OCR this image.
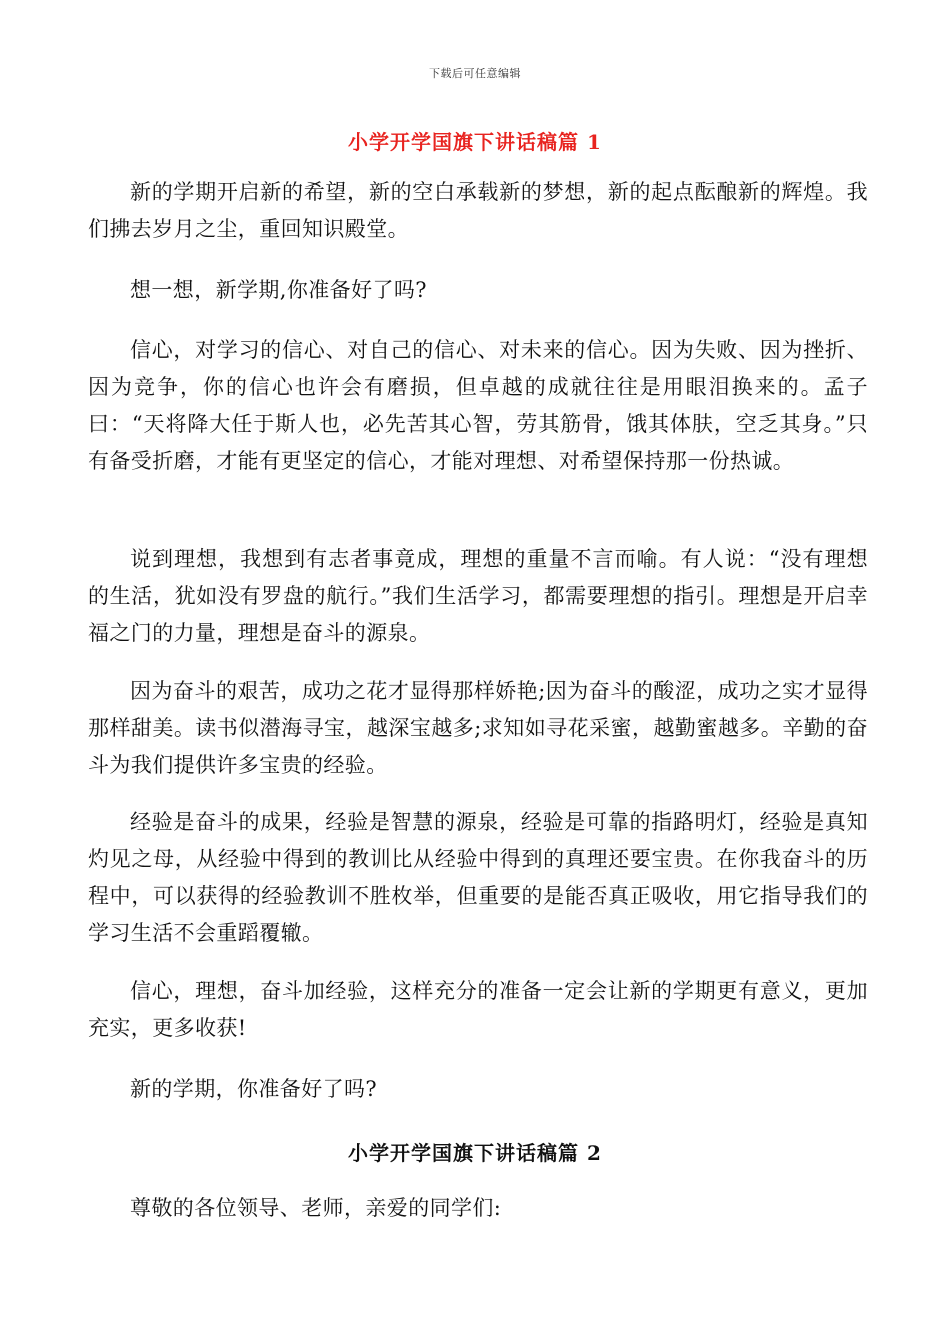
下载后可任意编辑
小学开学国旗下讲话稿篇 1

新的学期开启新的希望，新的空白承载新的梦想，新的起点酝酿新的辉煌。我们拂去岁月之尘，重回知识殿堂。

想一想，新学期,你准备好了吗?

信心，对学习的信心、对自己的信心、对未来的信心。因为失败、因为挫折、因为竞争，你的信心也许会有磨损，但卓越的成就往往是用眼泪换来的。孟子曰：“天将降大任于斯人也，必先苦其心智，劳其筋骨，饿其体肤，空乏其身。”只有备受折磨，才能有更坚定的信心，才能对理想、对希望保持那一份热诚。

说到理想，我想到有志者事竟成，理想的重量不言而喻。有人说：“没有理想的生活，犹如没有罗盘的航行。”我们生活学习，都需要理想的指引。理想是开启幸福之门的力量，理想是奋斗的源泉。

因为奋斗的艰苦，成功之花才显得那样娇艳;因为奋斗的酸涩，成功之实才显得那样甜美。读书似潜海寻宝，越深宝越多;求知如寻花采蜜，越勤蜜越多。辛勤的奋斗为我们提供许多宝贵的经验。

经验是奋斗的成果，经验是智慧的源泉，经验是可靠的指路明灯，经验是真知灼见之母，从经验中得到的教训比从经验中得到的真理还要宝贵。在你我奋斗的历程中，可以获得的经验教训不胜枚举，但重要的是能否真正吸收，用它指导我们的学习生活不会重蹈覆辙。

信心，理想，奋斗加经验，这样充分的准备一定会让新的学期更有意义，更加充实，更多收获!

新的学期，你准备好了吗?

小学开学国旗下讲话稿篇 2

尊敬的各位领导、老师，亲爱的同学们:
